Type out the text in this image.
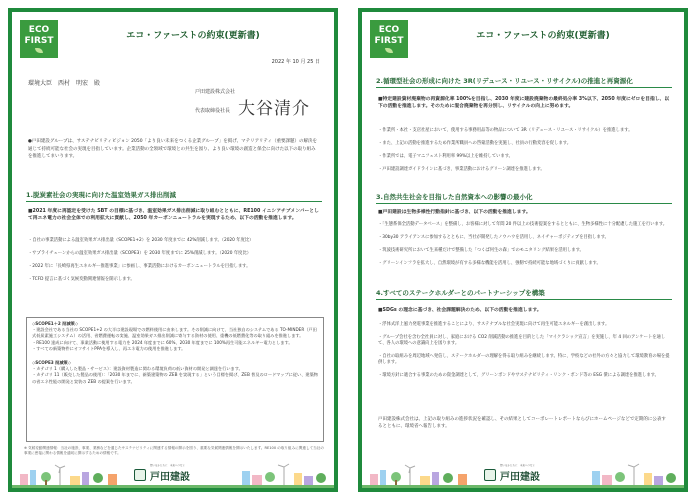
ECO
FIRST	エコ・ファーストの約束(更新書)
2022 年 10 月 25 日
環境大臣　西村　明宏　殿
戸田建設株式会社
代表取締役社長 大谷清介

●戸田建設グループは、サステナビリティビジョン 2050「より良い未来をつくる企業グループ」を掲げ、マテリアリティ（重要課題）の解決を通じて持続可能な社会の実現を目指しています。企業活動の全領域で環境との共生を図り、より良い環境の創造と保全に向けた以下の取り組みを推進してまいります。

1.脱炭素社会の実現に向けた温室効果ガス排出削減

■2021 年度に再認定を受けた SBT の目標に基づき、温室効果ガス排出削減に取り組むとともに、RE100 イニシアチブメンバーとして再エネ電力の社会全体での利用拡大に貢献し、2050 年カーボンニュートラルを実現するため、以下の活動を推進します。

・自社の事業活動による温室効果ガス排出量（SCOPE1+2）を 2030 年度までに 42%削減します。（2020 年度比）
・サプライチェーンからの温室効果ガス排出量（SCOPE3）を 2030 年度までに 25%削減します。（2020 年度比）
・2022 年に「長崎県再生エネルギー推進事業」に参画し、事業活動におけるカーボンニュートラルを目指します。
・TCFD 提言に基づく気候変動関連情報を開示します。
◇SCOPE1＋2 削減策◇

・建設会社である当社の SCOPE1+2 の大半は建設現場での燃料使用に由来します。その削減に向けて、当社独自のシステムである TO-MINDER（戸田式低炭素施工システム）の活用、省燃費運転の実施、温室効果ガス排出削減に寄与する資材の使用、重機の低燃費化等の取り組みを推進します。

・RE100 達成に向けて、事業活動に使用する電力を 2024 年度までに 60%、2030 年度までに 100%再生可能エネルギー電力とします。

・すべての新築物件にオフサイトPPAを導入し、再エネ電力の使用を推進します。

◇SCOPE3 削減策◇

・カテゴリ 1（購入した製品・サービス）：建設資材製造に関わる環境負荷の低い資材の開発と調達を行います。

・カテゴリ 11（販売した製品の使用）：「2030 年までに、新築建築物の ZEB を実現する」という目標を掲げ、ZEB 普及のロードマップに従い、建築物の省エネ性能の開発と実装の ZEB の提案を行います。

※ 気候変動関連情報：当社の施設、事業、業務などを通じたサステナビリティに関連する情報の開示を図り、重要な気候関連情報を開示いたします。RE100 の取り組みに関連して当社の事業に密接に関わる情報を適切に開示するための情報です。

想いをかたちに　未来へつなぐ
戸田建設
ECO
FIRST	エコ・ファーストの約束(更新書)
2.循環型社会の形成に向けた 3R(リデュース・リユース・リサイクル)の推進と再資源化

■特定建設資材廃棄物の再資源化率 100%を目指し、2030 年度に建設廃棄物の最終処分率 3%以下、2050 年度にゼロを目指し、以下の活動を推進します。そのために混合廃棄物を再分別し、リサイクルの向上に努めます。

・作業所・本社・支店社屋において、使用する事務用品等の物品について 3R（リデュース・リユース・リサイクル）を推進します。
・また、上記の活動を推進するため作業所職員への啓蒙活動を実施し、社員の行動変容を促します。
・作業所では、電子マニフェスト利用率 99%以上を維持しています。
・戸田建設調達ガイドラインに基づき、事業活動におけるグリーン調達を推進します。
3.自然共生社会を目指した自然資本への影響の最小化

■戸田建設は生物多様性行動指針に基づき、以下の活動を推進します。

・「生態系保全活動データベース」を整備し、お客様に対して年間 20 件以上の技術提案をするとともに、生物多様性に十分配慮した施工を行います。
・30by30 アライアンスに参加するとともに、当社が開発したノウハウを活用し、ネイチャーポジティブを目指します。
・筑波技術研究所において生来種だけで整備した「つくば何生の森」でのモニタリング結果を活用します。
・グリーンインフラを拡大し、自然環境が有する多様な機能を活用し、強靭で持続可能な地域づくりに貢献します。
4.すべてのステークホルダーとのパートナーシップを構築

■SDGs の理念に基づき、社会課題解決のため、以下の活動を推進します。

・浮体式洋上風力発電事業を推進することにより、サステナブルな社会実現に向けて再生可能エネルギーを創出します。
・グループ会社を含む全社員に対し、家庭における CO2 削減活動の推進を目的とした「マイクラシック宣言」を実施し、年 4 回のアンケートを通して、各人の環境への意識向上を図ります。
・自社の取組みを周辺地域へ発信し、ステークホルダーの理解を得る取り組みを継続します。特に、学校などの社外の方々と協力して環境教育の場を提供します。
・環境方針に適合する事業のための資金調達として、グリーンボンドやサステナビリティ・リンク・ボンド等の ESG 債による調達を推進します。

戸田建設株式会社は、上記の取り組みの進捗状況を確認し、その結果としてコーポレートレポートならびにホームページなどで定期的に公表するとともに、環境省へ報告します。

想いをかたちに　未来へつなぐ
戸田建設
